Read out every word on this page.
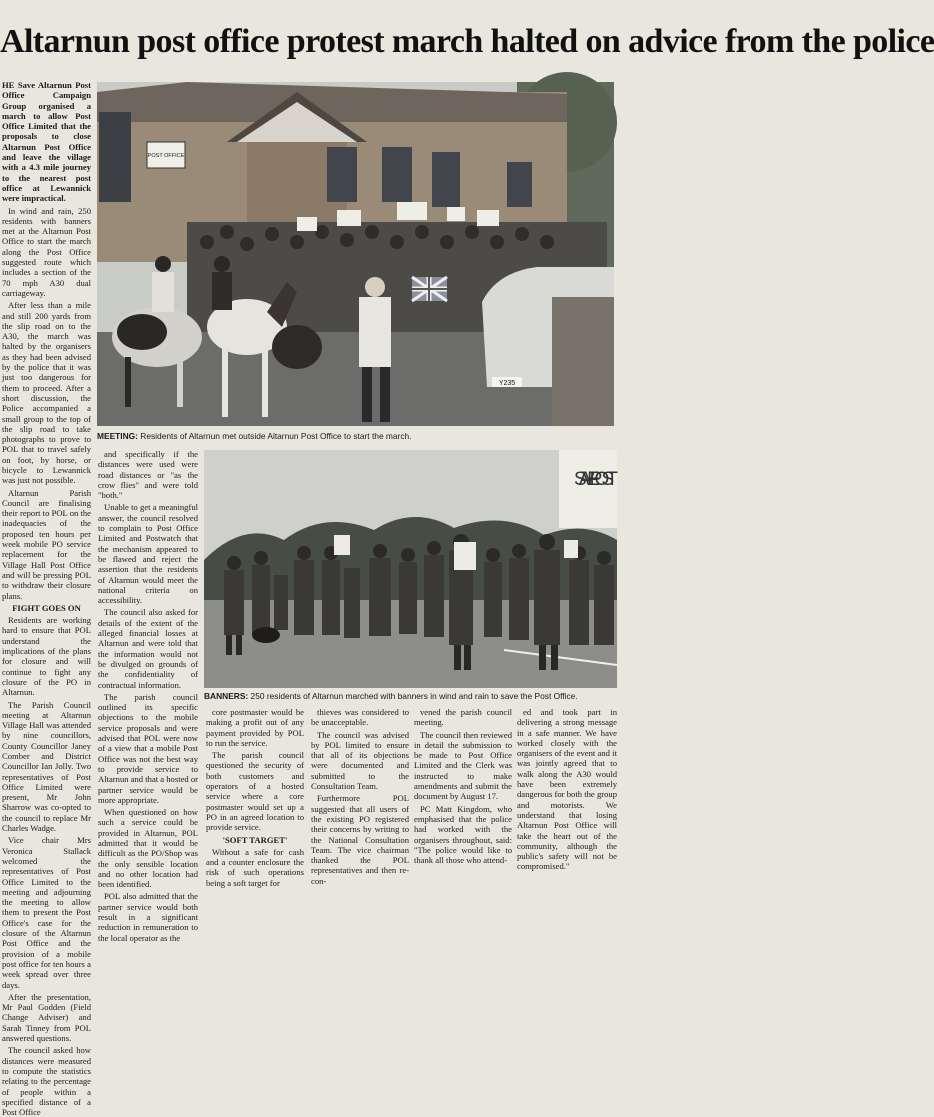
Altarnun post office protest march halted on advice from the police

HE Save Altarnun Post Office Campaign Group organised a march to allow Post Office Limited that the proposals to close Altarnun Post Office and leave the village with a 4.3 mile journey to the nearest post office at Lewannick were impractical.

In wind and rain, 250 residents with banners met at the Altarnun Post Office to start the march along the Post Office suggested route which includes a section of the 70 mph A30 dual carriageway.

After less than a mile and still 200 yards from the slip road on to the A30, the march was halted by the organisers as they had been advised by the police that it was just too dangerous for them to proceed. After a short discussion, the Police accompanied a small group to the top of the slip road to take photographs to prove to POL that to travel safely on foot, by horse, or bicycle to Lewannick was just not possible.

Altarnun Parish Council are finalising their report to POL on the inadequacies of the proposed ten hours per week mobile PO service replacement for the Village Hall Post Office and will be pressing POL to withdraw their closure plans.

FIGHT GOES ON

Residents are working hard to ensure that POL understand the implications of the plans for closure and will continue to fight any closure of the PO in Altarnun.

The Parish Council meeting at Altarnun Village Hall was attended by nine councillors, County Councillor Janey Comber and District Councillor Ian Jolly. Two representatives of Post Office Limited were present, Mr John Sharrow was co-opted to the council to replace Mr Charles Wadge.

Vice chair Mrs Veronica Stallack welcomed the representatives of Post Office Limited to the meeting and adjourning the meeting to allow them to present the Post Office's case for the closure of the Altarnun Post Office and the provision of a mobile post office for ten hours a week spread over three days.

After the presentation, Mr Paul Godden (Field Change Adviser) and Sarah Tinney from POL answered questions.

The council asked how distances were measured to compute the statistics relating to the percentage of people within a specified distance of a Post Office

POST OFFICE
Y235
MEETING: Residents of Altarnun met outside Altarnun Post Office to start the march.

and specifically if the distances were used were road distances or "as the crow flies" and were told "both."

Unable to get a meaningful answer, the council resolved to complain to Post Office Limited and Postwatch that the mechanism appeared to be flawed and reject the assertion that the residents of Altarnun would meet the national criteria on accessibility.

The council also asked for details of the extent of the alleged financial losses at Altarnun and were told that the information would not be divulged on grounds of the confidentiality of contractual information.

The parish council outlined its specific objections to the mobile service proposals and were advised that POL were now of a view that a mobile Post Office was not the best way to provide service to Altarnun and that a hosted or partner service would be more appropriate.

When questioned on how such a service could be provided in Altarnun, POL admitted that it would be difficult as the PO/Shop was the only sensible location and no other location had been identified.

POL also admitted that the partner service would both result in a significant reduction in remuneration to the local operator as the

SAVE POST
BANNERS: 250 residents of Altarnun marched with banners in wind and rain to save the Post Office.

core postmaster would be making a profit out of any payment provided by POL to run the service.

The parish council questioned the security of both customers and operators of a hosted service where a core postmaster would set up a PO in an agreed location to provide service.

'SOFT TARGET'

Without a safe for cash and a counter enclosure the risk of such operations being a soft target for

thieves was considered to be unacceptable.

The council was advised by POL limited to ensure that all of its objections were documented and submitted to the Consultation Team.

Furthermore POL suggested that all users of the existing PO registered their concerns by writing to the National Consultation Team. The vice chairman thanked the POL representatives and then re-con-

vened the parish council meeting.

The council then reviewed in detail the submission to be made to Post Office Limited and the Clerk was instructed to make amendments and submit the document by August 17.

PC Matt Kingdom, who emphasised that the police had worked with the organisers throughout, said: "The police would like to thank all those who attend-

ed and took part in delivering a strong message in a safe manner. We have worked closely with the organisers of the event and it was jointly agreed that to walk along the A30 would have been extremely dangerous for both the group and motorists. We understand that losing Altarnun Post Office will take the heart out of the community, although the public's safety will not be compromised."
